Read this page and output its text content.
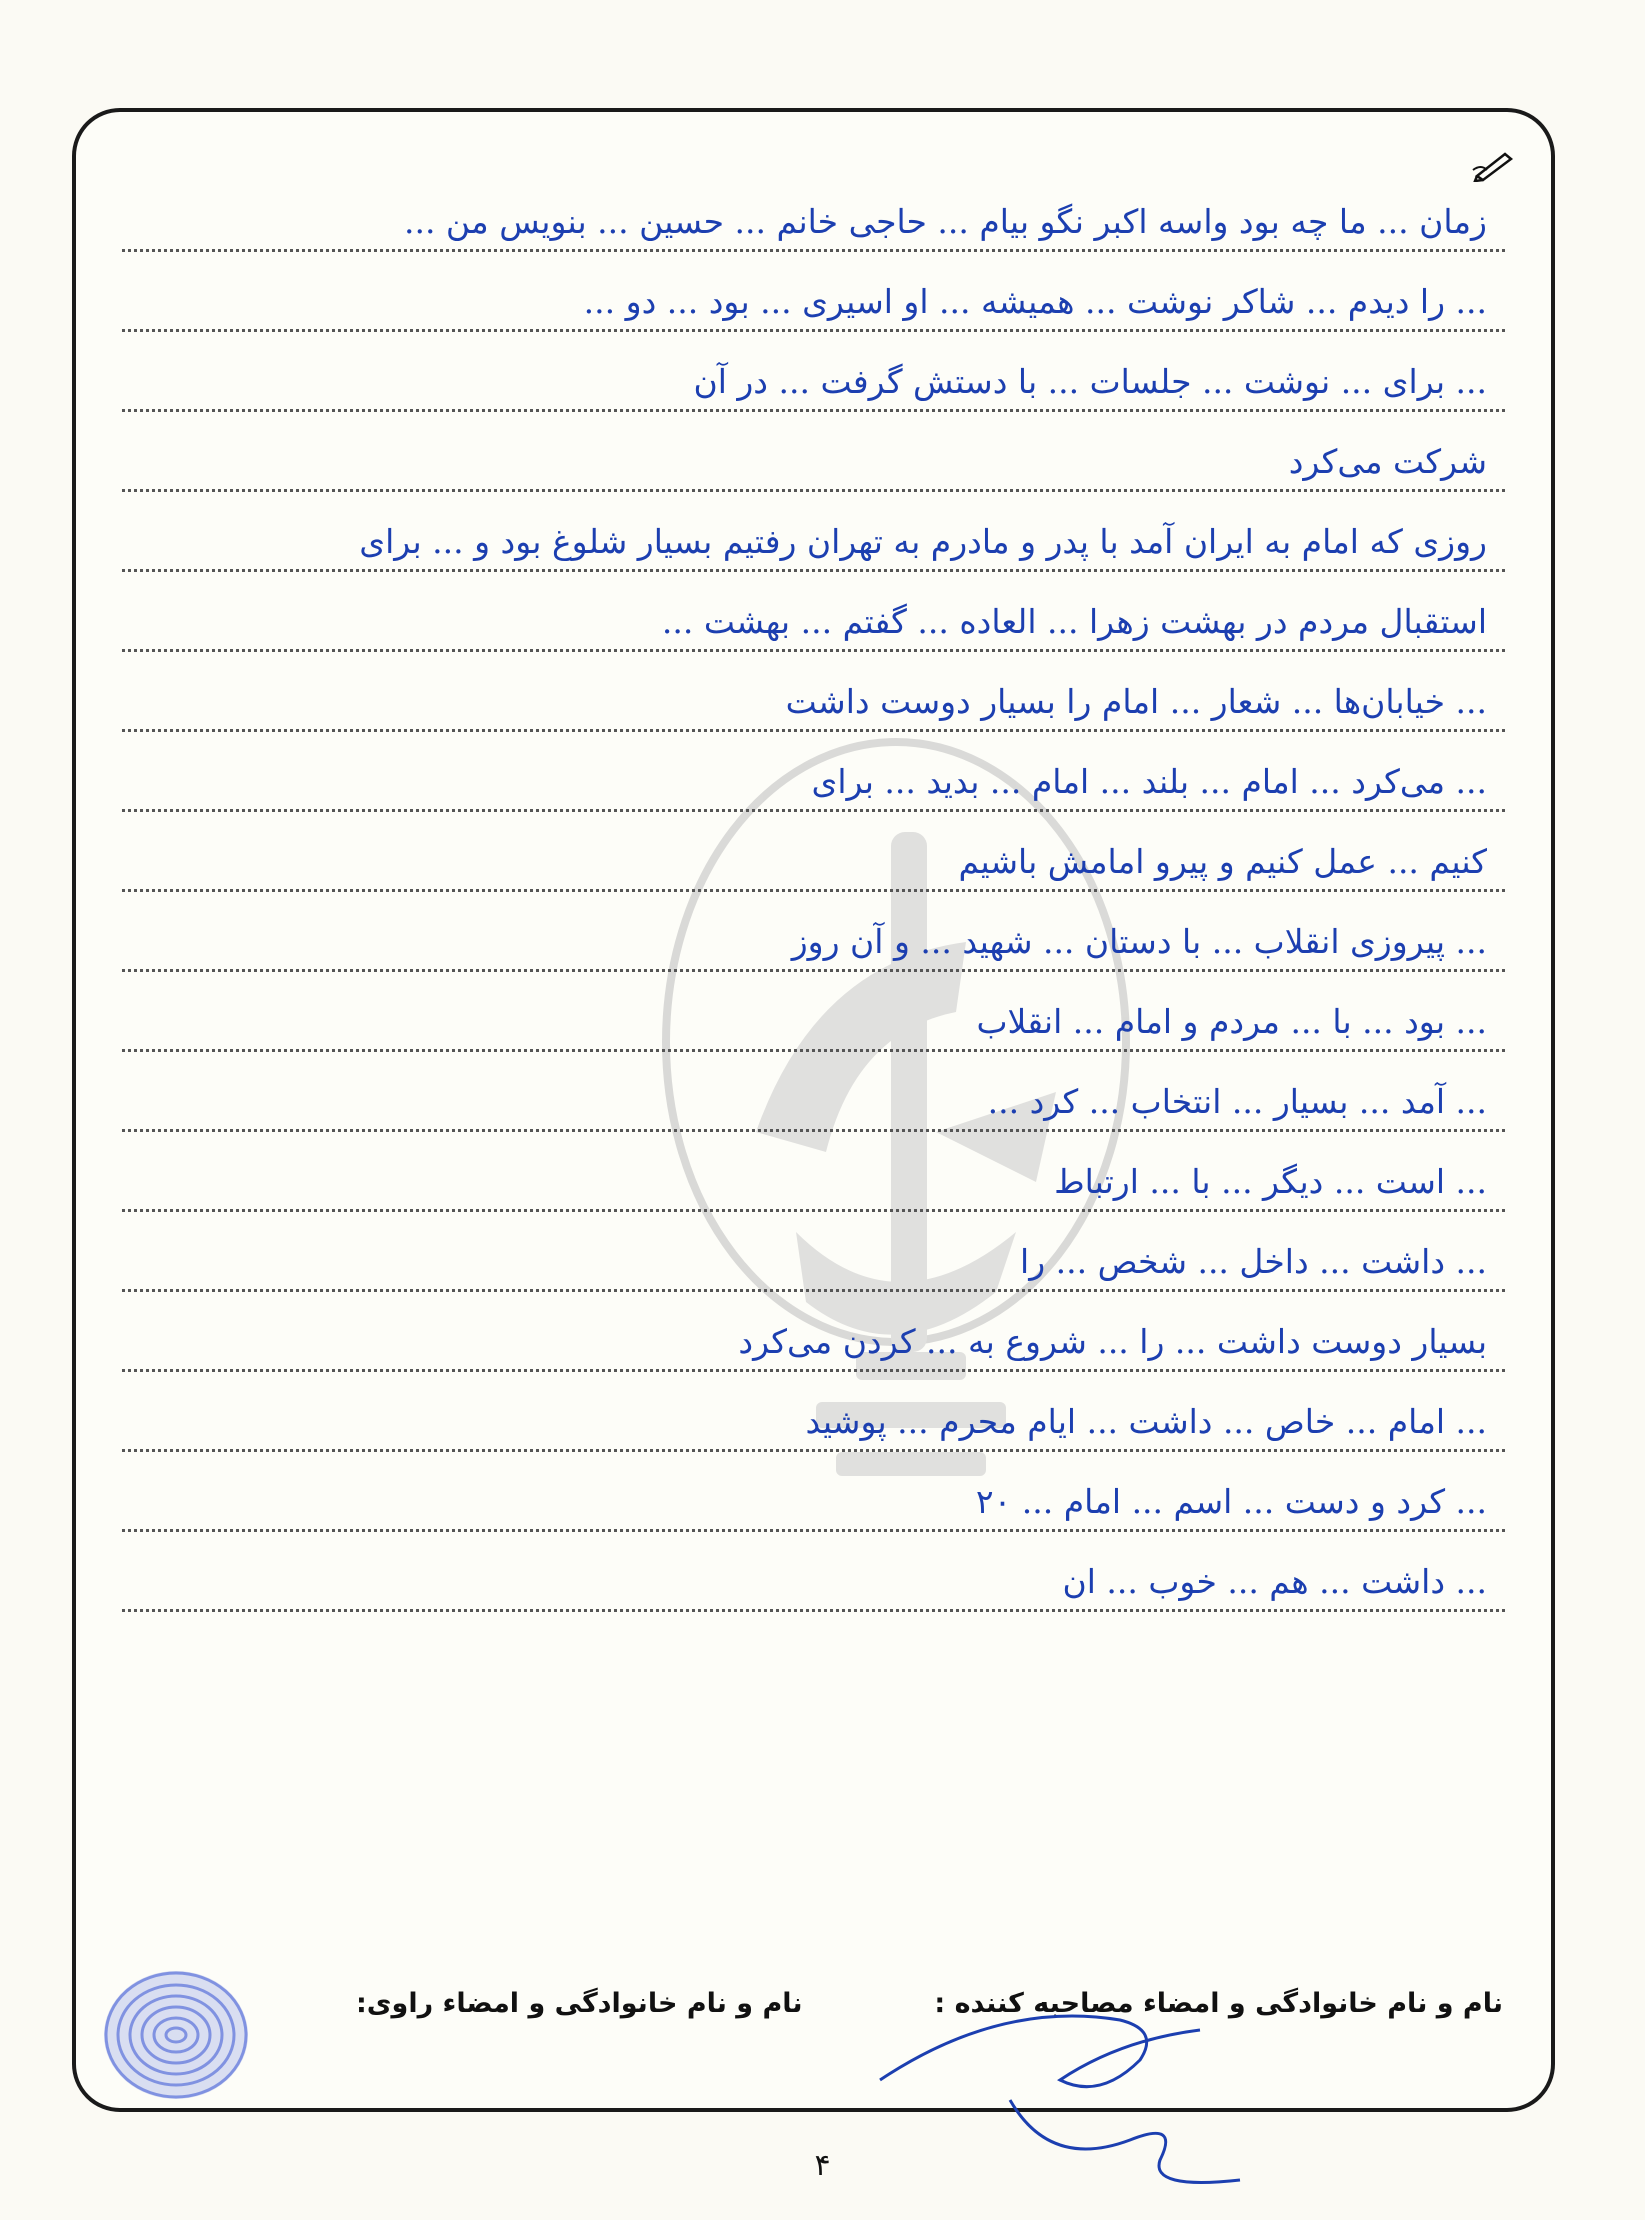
زمان ... ما چه بود واسه اکبر نگو بیام ... حاجی خانم ... حسین ... بنویس من ...
... را دیدم ... شاکر نوشت ... همیشه ... او اسیری ... بود ... دو ...
... برای ... نوشت ... جلسات ... با دستش گرفت ... در آن
شرکت می‌کرد
روزی که امام به ایران آمد با پدر و مادرم به تهران رفتیم بسیار شلوغ بود و ... برای
استقبال مردم در بهشت زهرا ... العاده ... گفتم ... بهشت ...
... خیابان‌ها ... شعار ... امام را بسیار دوست داشت
... می‌کرد ... امام ... بلند ... امام ... بدید ... برای
کنیم ... عمل کنیم و پیرو امامش باشیم
... پیروزی انقلاب ... با دستان ... شهید ... و آن روز
... بود ... با ... مردم و امام ... انقلاب
... آمد ... بسیار ... انتخاب ... کرد ...
... است ... دیگر ... با ... ارتباط
... داشت ... داخل ... شخص ... را
بسیار دوست داشت ... را ... شروع به ... کردن می‌کرد
... امام ... خاص ... داشت ... ایام محرم ... پوشید
... کرد و دست ... اسم ... امام ... ۲۰
... داشت ... هم ... خوب ... ان
نام و نام خانوادگی و امضاء مصاحبه کننده :
نام و نام خانوادگی و امضاء راوی:
۴
